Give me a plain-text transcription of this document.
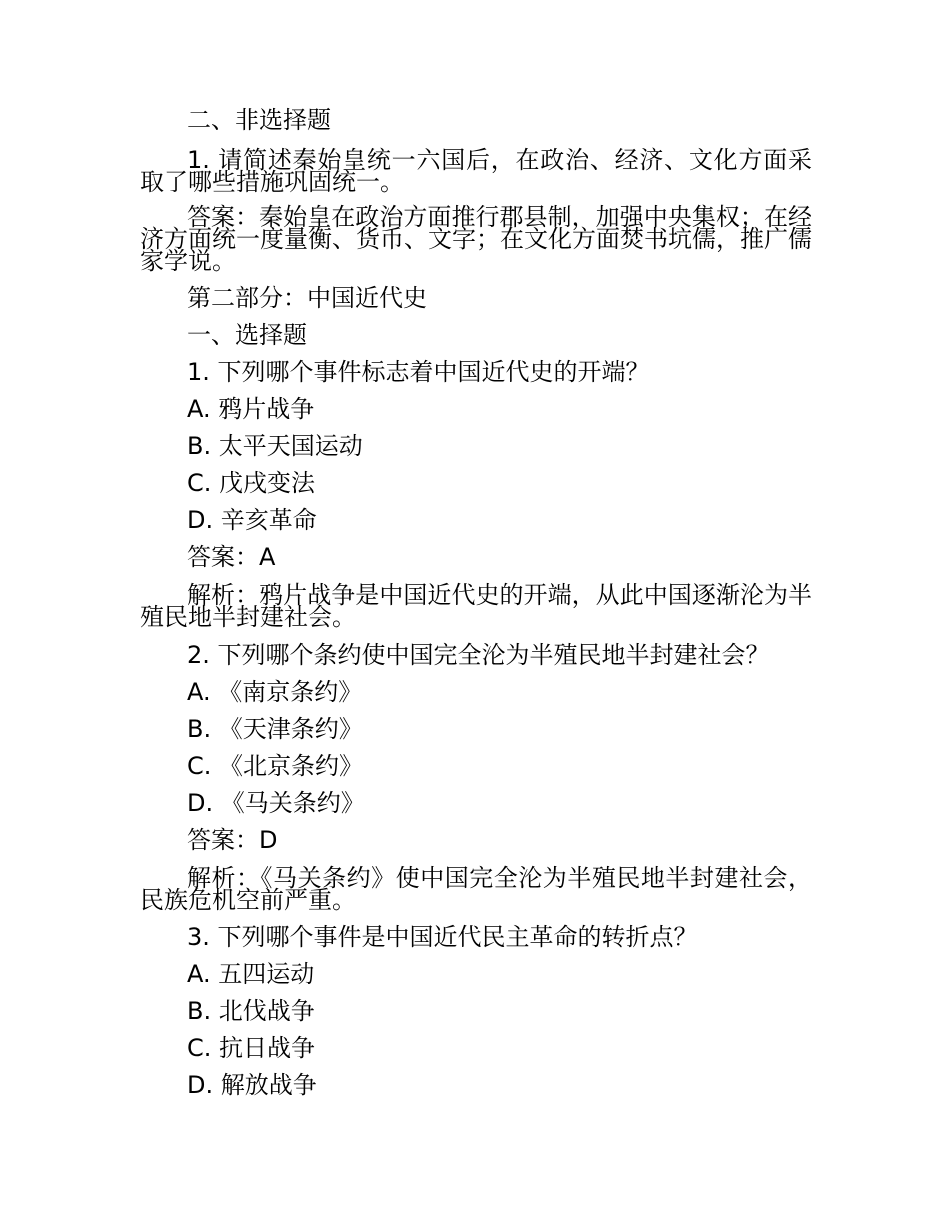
二、非选择题
1. 请简述秦始皇统一六国后，在政治、经济、文化方面采取了哪些措施巩固统一。
答案：秦始皇在政治方面推行郡县制，加强中央集权；在经济方面统一度量衡、货币、文字；在文化方面焚书坑儒，推广儒家学说。
第二部分：中国近代史
一、选择题
1. 下列哪个事件标志着中国近代史的开端？
A. 鸦片战争
B. 太平天国运动
C. 戊戌变法
D. 辛亥革命
答案：A
解析：鸦片战争是中国近代史的开端，从此中国逐渐沦为半殖民地半封建社会。
2. 下列哪个条约使中国完全沦为半殖民地半封建社会？
A. 《南京条约》
B. 《天津条约》
C. 《北京条约》
D. 《马关条约》
答案：D
解析：《马关条约》使中国完全沦为半殖民地半封建社会，民族危机空前严重。
3. 下列哪个事件是中国近代民主革命的转折点？
A. 五四运动
B. 北伐战争
C. 抗日战争
D. 解放战争
